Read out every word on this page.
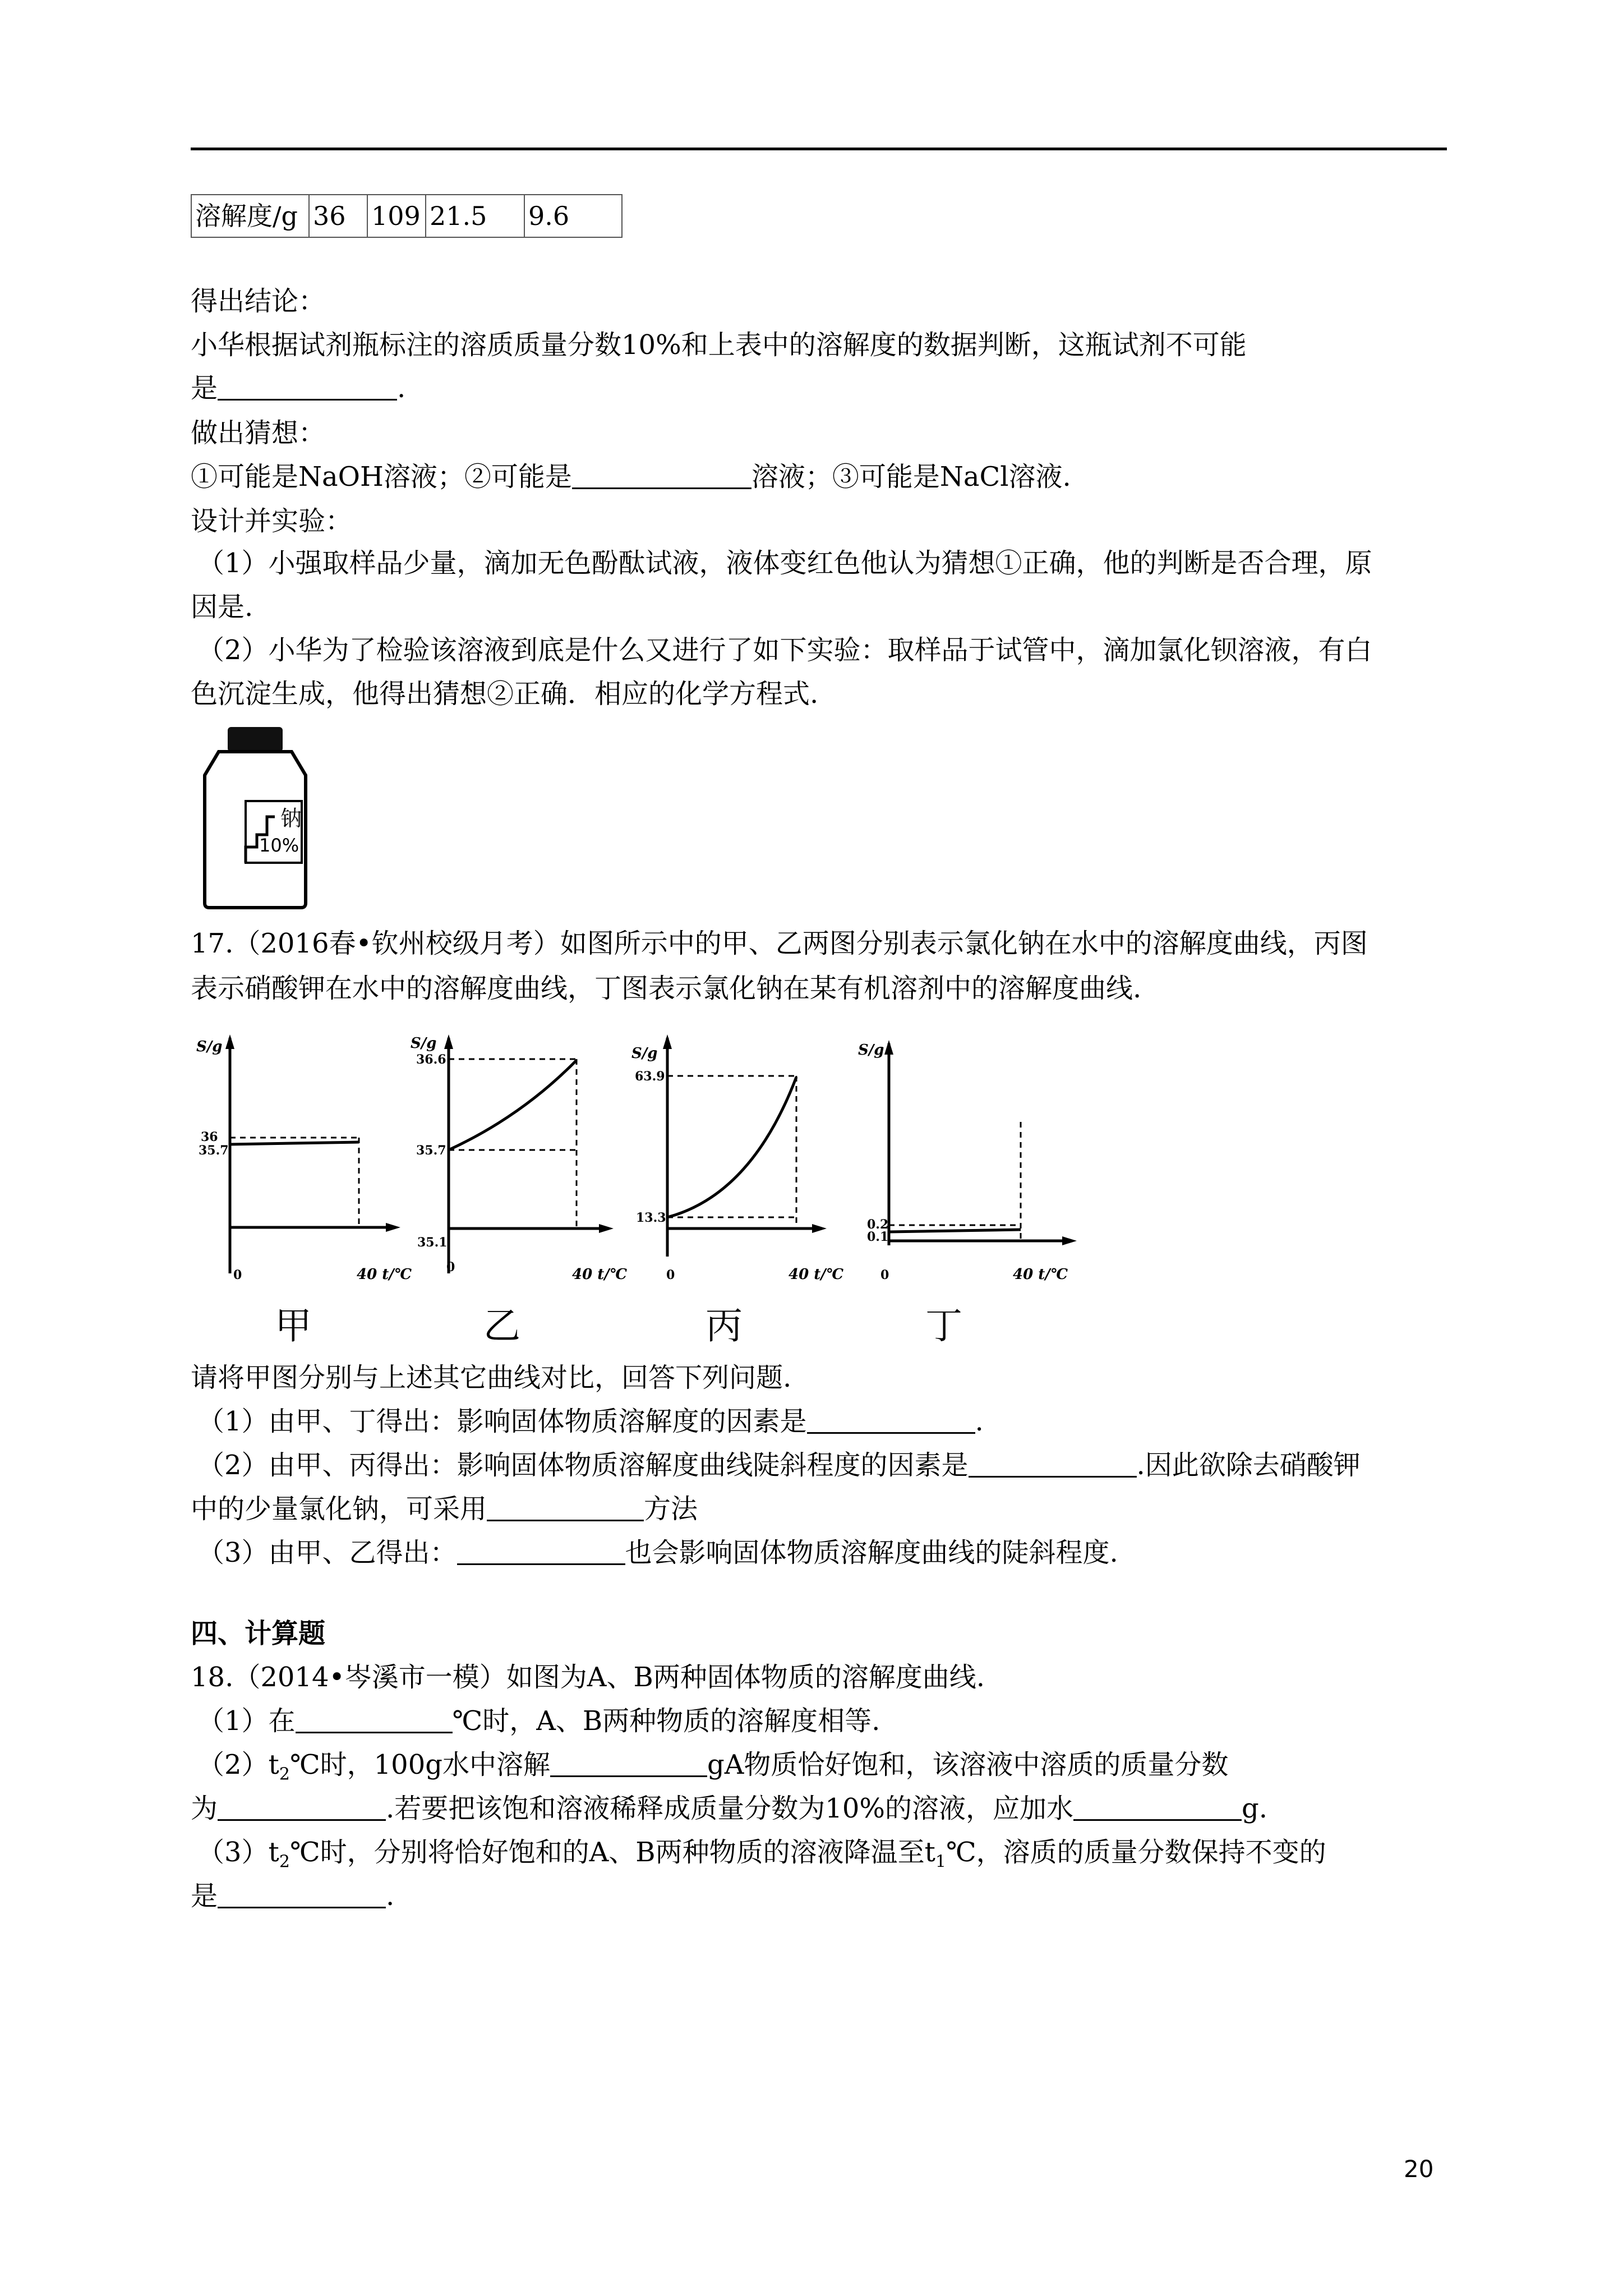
溶解度/g	36	109	21.5	9.6
得出结论：
小华根据试剂瓶标注的溶质质量分数10%和上表中的溶解度的数据判断，这瓶试剂不可能
是	.
做出猜想：
①可能是NaOH溶液；②可能是	溶液；③可能是NaCl溶液.
设计并实验：
（1）小强取样品少量，滴加无色酚酞试液，液体变红色他认为猜想①正确，他的判断是否合理，原
因是.
（2）小华为了检验该溶液到底是什么又进行了如下实验：取样品于试管中，滴加氯化钡溶液，有白
色沉淀生成，他得出猜想②正确．相应的化学方程式.
钠
10%
17.（2016春•钦州校级月考）如图所示中的甲、乙两图分别表示氯化钠在水中的溶解度曲线，丙图
表示硝酸钾在水中的溶解度曲线，丁图表示氯化钠在某有机溶剂中的溶解度曲线.
S/g
36
35.7
0	40 t/℃
甲
S/g
36.6
35.7
35.1
0	40 t/℃
乙
S/g
63.9
13.3
0	40 t/℃
丙
S/g
0.2
0.1
0	40 t/℃
丁
请将甲图分别与上述其它曲线对比，回答下列问题.
（1）由甲、丁得出：影响固体物质溶解度的因素是	.
（2）由甲、丙得出：影响固体物质溶解度曲线陡斜程度的因素是	.因此欲除去硝酸钾
中的少量氯化钠，可采用	方法
（3）由甲、乙得出：	也会影响固体物质溶解度曲线的陡斜程度.
四、计算题
18.（2014•岑溪市一模）如图为A、B两种固体物质的溶解度曲线.
（1）在	℃时，A、B两种物质的溶解度相等.
$(2)t_2℃$时，100g水中溶解	gA物质恰好饱和，该溶液中溶质的质量分数
为	.若要把该饱和溶液稀释成质量分数为10%的溶液，应加水	g.
$(3)t_2℃$时，分别将恰好饱和的A、B两种物质的溶液降温至$t_1℃$，溶质的质量分数保持不变的
是	.
20
